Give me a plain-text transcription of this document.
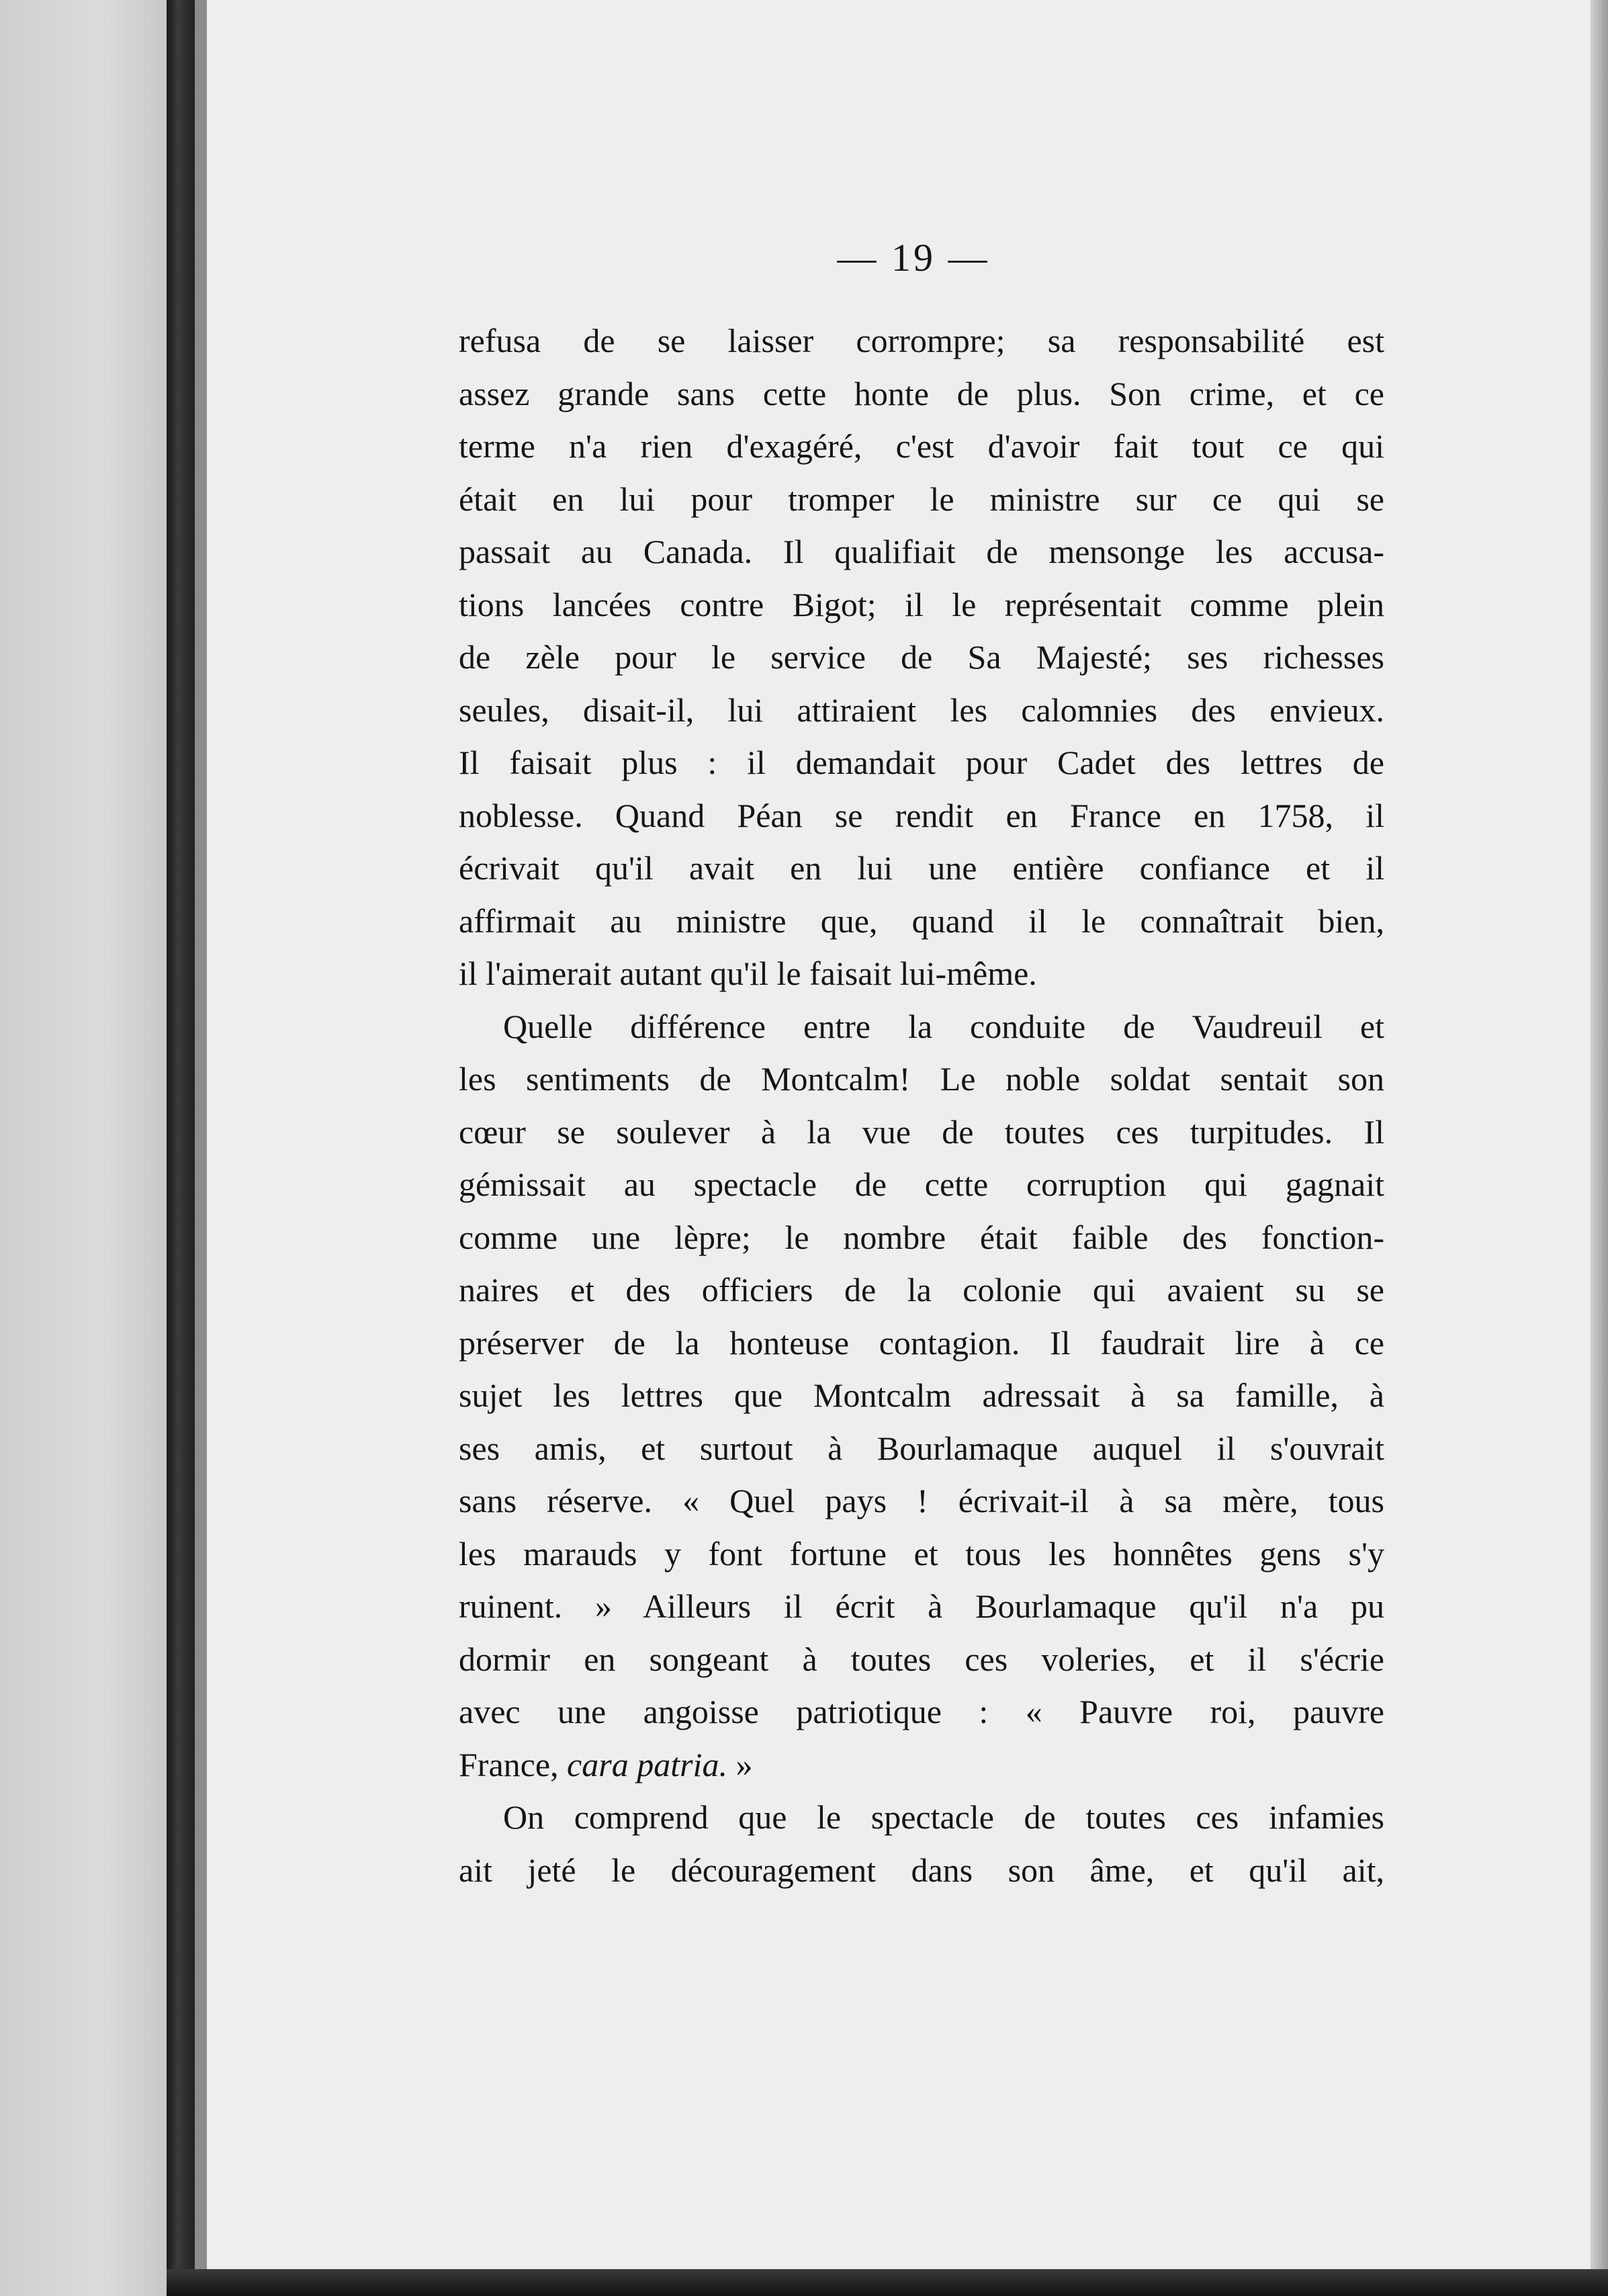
— 19 —
refusa de se laisser corrompre; sa responsabilité est
assez grande sans cette honte de plus. Son crime, et ce
terme n'a rien d'exagéré, c'est d'avoir fait tout ce qui
était en lui pour tromper le ministre sur ce qui se
passait au Canada. Il qualifiait de mensonge les accusa-
tions lancées contre Bigot; il le représentait comme plein
de zèle pour le service de Sa Majesté; ses richesses
seules, disait-il, lui attiraient les calomnies des envieux.
Il faisait plus : il demandait pour Cadet des lettres de
noblesse. Quand Péan se rendit en France en 1758, il
écrivait qu'il avait en lui une entière confiance et il
affirmait au ministre que, quand il le connaîtrait bien,
il l'aimerait autant qu'il le faisait lui-même.
Quelle différence entre la conduite de Vaudreuil et
les sentiments de Montcalm! Le noble soldat sentait son
cœur se soulever à la vue de toutes ces turpitudes. Il
gémissait au spectacle de cette corruption qui gagnait
comme une lèpre; le nombre était faible des fonction-
naires et des officiers de la colonie qui avaient su se
préserver de la honteuse contagion. Il faudrait lire à ce
sujet les lettres que Montcalm adressait à sa famille, à
ses amis, et surtout à Bourlamaque auquel il s'ouvrait
sans réserve. « Quel pays ! écrivait-il à sa mère, tous
les marauds y font fortune et tous les honnêtes gens s'y
ruinent. » Ailleurs il écrit à Bourlamaque qu'il n'a pu
dormir en songeant à toutes ces voleries, et il s'écrie
avec une angoisse patriotique : « Pauvre roi, pauvre
France, cara patria. »
On comprend que le spectacle de toutes ces infamies
ait jeté le découragement dans son âme, et qu'il ait,
